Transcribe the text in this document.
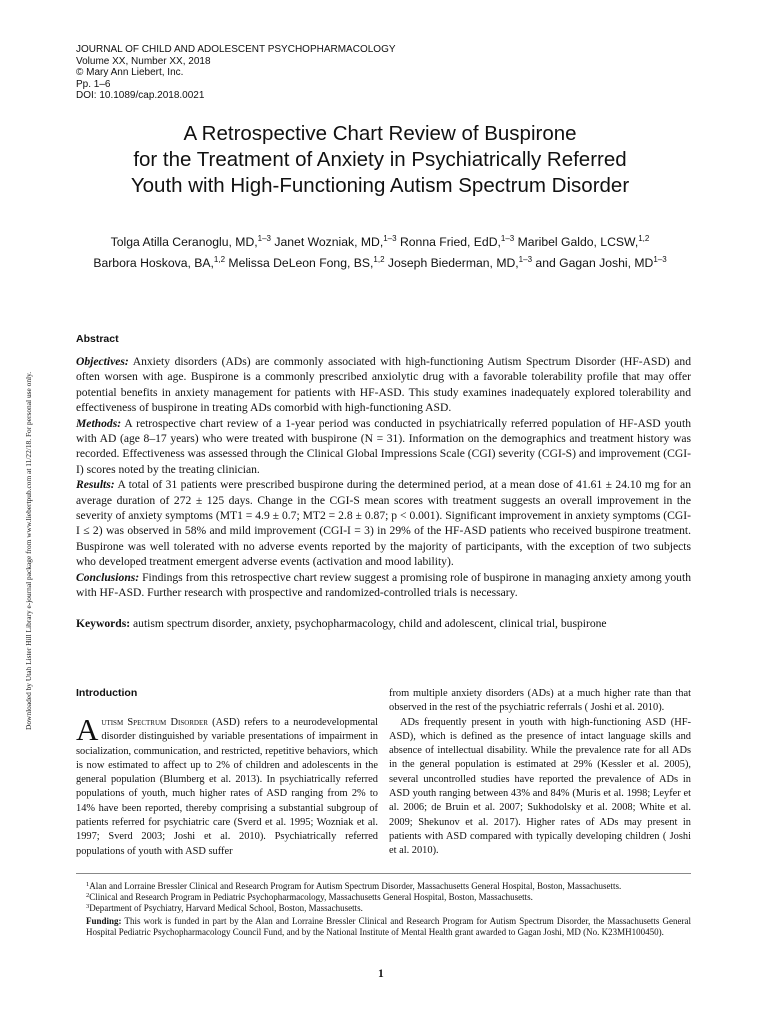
JOURNAL OF CHILD AND ADOLESCENT PSYCHOPHARMACOLOGY
Volume XX, Number XX, 2018
© Mary Ann Liebert, Inc.
Pp. 1–6
DOI: 10.1089/cap.2018.0021
A Retrospective Chart Review of Buspirone
for the Treatment of Anxiety in Psychiatrically Referred
Youth with High-Functioning Autism Spectrum Disorder
Tolga Atilla Ceranoglu, MD,$^{1-3}$ Janet Wozniak, MD,$^{1-3}$ Ronna Fried, EdD,$^{1-3}$ Maribel Galdo, LCSW,$^{1,2}$
Barbora Hoskova, BA,$^{1,2}$ Melissa DeLeon Fong, BS,$^{1,2}$ Joseph Biederman, MD,$^{1-3}$ and Gagan Joshi, MD$^{1-3}$
Downloaded by Utah Lister Hill Library e-journal package from www.liebertpub.com at 11/22/18. For personal use only.
Abstract

Objectives: Anxiety disorders (ADs) are commonly associated with high-functioning Autism Spectrum Disorder (HF-ASD) and often worsen with age. Buspirone is a commonly prescribed anxiolytic drug with a favorable tolerability profile that may offer potential benefits in anxiety management for patients with HF-ASD. This study examines inadequately explored tolerability and effectiveness of buspirone in treating ADs comorbid with high-functioning ASD.

Methods: A retrospective chart review of a 1-year period was conducted in psychiatrically referred population of HF-ASD youth with AD (age 8–17 years) who were treated with buspirone (N = 31). Information on the demographics and treatment history was recorded. Effectiveness was assessed through the Clinical Global Impressions Scale (CGI) severity (CGI-S) and improvement (CGI-I) scores noted by the treating clinician.

Results: A total of 31 patients were prescribed buspirone during the determined period, at a mean dose of 41.61 ± 24.10 mg for an average duration of 272 ± 125 days. Change in the CGI-S mean scores with treatment suggests an overall improvement in the severity of anxiety symptoms (MT1 = 4.9 ± 0.7; MT2 = 2.8 ± 0.87; p < 0.001). Significant improvement in anxiety symptoms (CGI-I ≤ 2) was observed in 58% and mild improvement (CGI-I = 3) in 29% of the HF-ASD patients who received buspirone treatment. Buspirone was well tolerated with no adverse events reported by the majority of participants, with the exception of two subjects who developed treatment emergent adverse events (activation and mood lability).

Conclusions: Findings from this retrospective chart review suggest a promising role of buspirone in managing anxiety among youth with HF-ASD. Further research with prospective and randomized-controlled trials is necessary.

Keywords: autism spectrum disorder, anxiety, psychopharmacology, child and adolescent, clinical trial, buspirone
Introduction

Autism Spectrum Disorder (ASD) refers to a neurodevelopmental disorder distinguished by variable presentations of impairment in socialization, communication, and restricted, repetitive behaviors, which is now estimated to affect up to 2% of children and adolescents in the general population (Blumberg et al. 2013). In psychiatrically referred populations of youth, much higher rates of ASD ranging from 2% to 14% have been reported, thereby comprising a substantial subgroup of patients referred for psychiatric care (Sverd et al. 1995; Wozniak et al. 1997; Sverd 2003; Joshi et al. 2010). Psychiatrically referred populations of youth with ASD suffer

from multiple anxiety disorders (ADs) at a much higher rate than that observed in the rest of the psychiatric referrals ( Joshi et al. 2010).

ADs frequently present in youth with high-functioning ASD (HF-ASD), which is defined as the presence of intact language skills and absence of intellectual disability. While the prevalence rate for all ADs in the general population is estimated at 29% (Kessler et al. 2005), several uncontrolled studies have reported the prevalence of ADs in ASD youth ranging between 43% and 84% (Muris et al. 1998; Leyfer et al. 2006; de Bruin et al. 2007; Sukhodolsky et al. 2008; White et al. 2009; Shekunov et al. 2017). Higher rates of ADs may present in patients with ASD compared with typically developing children ( Joshi et al. 2010).

$^1$Alan and Lorraine Bressler Clinical and Research Program for Autism Spectrum Disorder, Massachusetts General Hospital, Boston, Massachusetts.

$^2$Clinical and Research Program in Pediatric Psychopharmacology, Massachusetts General Hospital, Boston, Massachusetts.

$^3$Department of Psychiatry, Harvard Medical School, Boston, Massachusetts.

Funding: This work is funded in part by the Alan and Lorraine Bressler Clinical and Research Program for Autism Spectrum Disorder, the Massachusetts General Hospital Pediatric Psychopharmacology Council Fund, and by the National Institute of Mental Health grant awarded to Gagan Joshi, MD (No. K23MH100450).

1
